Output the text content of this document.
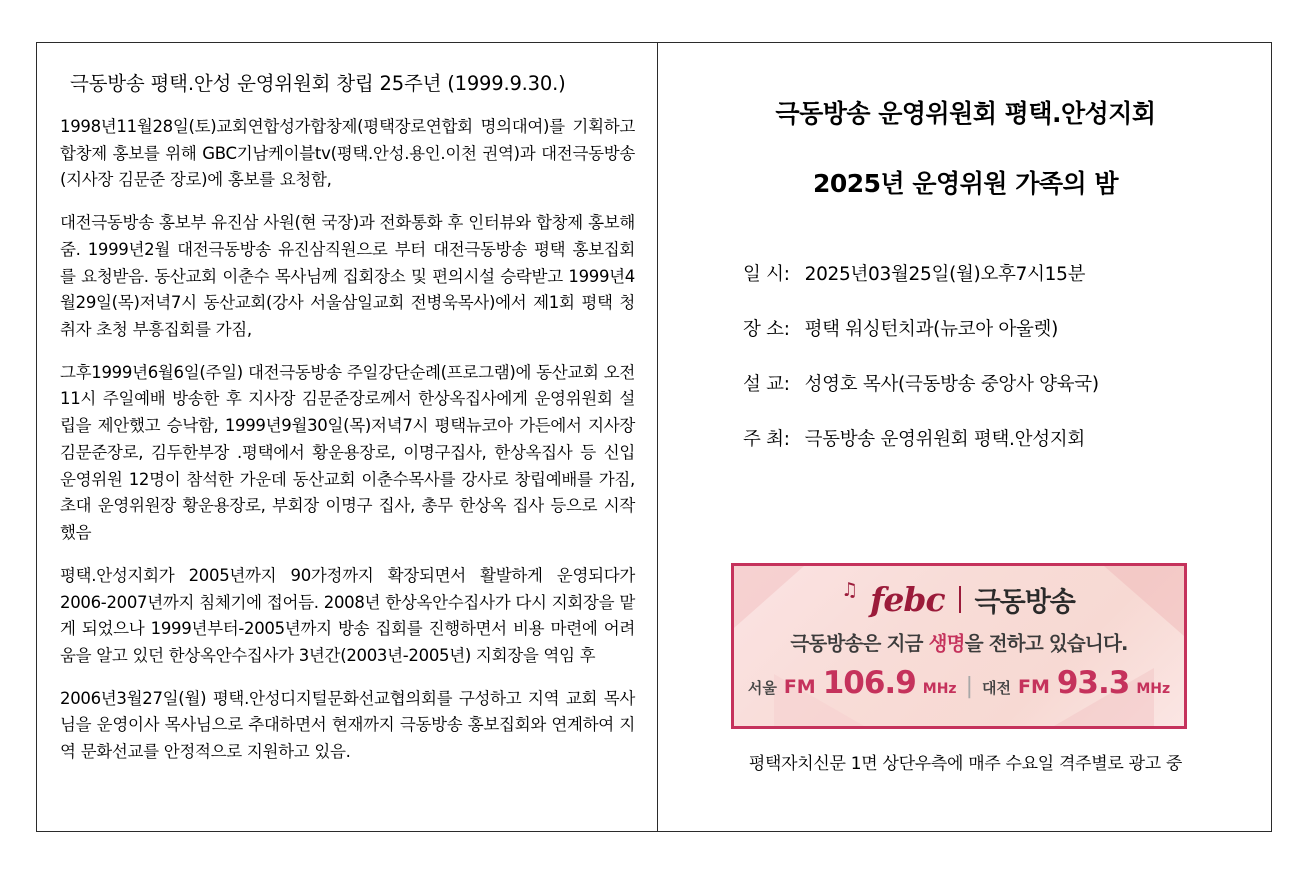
극동방송 평택.안성 운영위원회 창립 25주년 (1999.9.30.)

1998년11월28일(토)교회연합성가합창제(평택장로연합회 명의대여)를 기획하고 합창제 홍보를 위해 GBC기남케이블tv(평택.안성.용인.이천 권역)과 대전극동방송(지사장 김문준 장로)에 홍보를 요청함,

대전극동방송 홍보부 유진삼 사원(현 국장)과 전화통화 후 인터뷰와 합창제 홍보해줌. 1999년2월 대전극동방송 유진삼직원으로 부터 대전극동방송 평택 홍보집회를 요청받음. 동산교회 이춘수 목사님께 집회장소 및 편의시설 승락받고 1999년4월29일(목)저녁7시 동산교회(강사 서울삼일교회 전병욱목사)에서 제1회 평택 청취자 초청 부흥집회를 가짐,

그후1999년6월6일(주일) 대전극동방송 주일강단순례(프로그램)에 동산교회 오전11시 주일예배 방송한 후 지사장 김문준장로께서 한상옥집사에게 운영위원회 설립을 제안했고 승낙함, 1999년9월30일(목)저녁7시 평택뉴코아 가든에서 지사장 김문준장로, 김두한부장 .평택에서 황운용장로, 이명구집사, 한상옥집사 등 신입 운영위원 12명이 참석한 가운데 동산교회 이춘수목사를 강사로 창립예배를 가짐, 초대 운영위원장 황운용장로, 부회장 이명구 집사, 총무 한상옥 집사 등으로 시작했음

평택.안성지회가 2005년까지 90가정까지 확장되면서 활발하게 운영되다가 2006-2007년까지 침체기에 접어듬. 2008년 한상옥안수집사가 다시 지회장을 맡게 되었으나 1999년부터-2005년까지 방송 집회를 진행하면서 비용 마련에 어려움을 알고 있던 한상옥안수집사가 3년간(2003년-2005년) 지회장을 역임 후

2006년3월27일(월) 평택.안성디지털문화선교협의회를 구성하고 지역 교회 목사님을 운영이사 목사님으로 추대하면서 현재까지 극동방송 홍보집회와 연계하여 지역 문화선교를 안정적으로 지원하고 있음.

극동방송 운영위원회 평택.안성지회
2025년 운영위원 가족의 밤
일 시: 2025년03월25일(월)오후7시15분
장 소: 평택 워싱턴치과(뉴코아 아울렛)
설 교: 성영호 목사(극동방송 중앙사 양육국)
주 최: 극동방송 운영위원회 평택.안성지회
♫ febc 극동방송
극동방송은 지금 생명을 전하고 있습니다.
서울 FM 106.9 MHz | 대전 FM 93.3 MHz
평택자치신문 1면 상단우측에 매주 수요일 격주별로 광고 중
